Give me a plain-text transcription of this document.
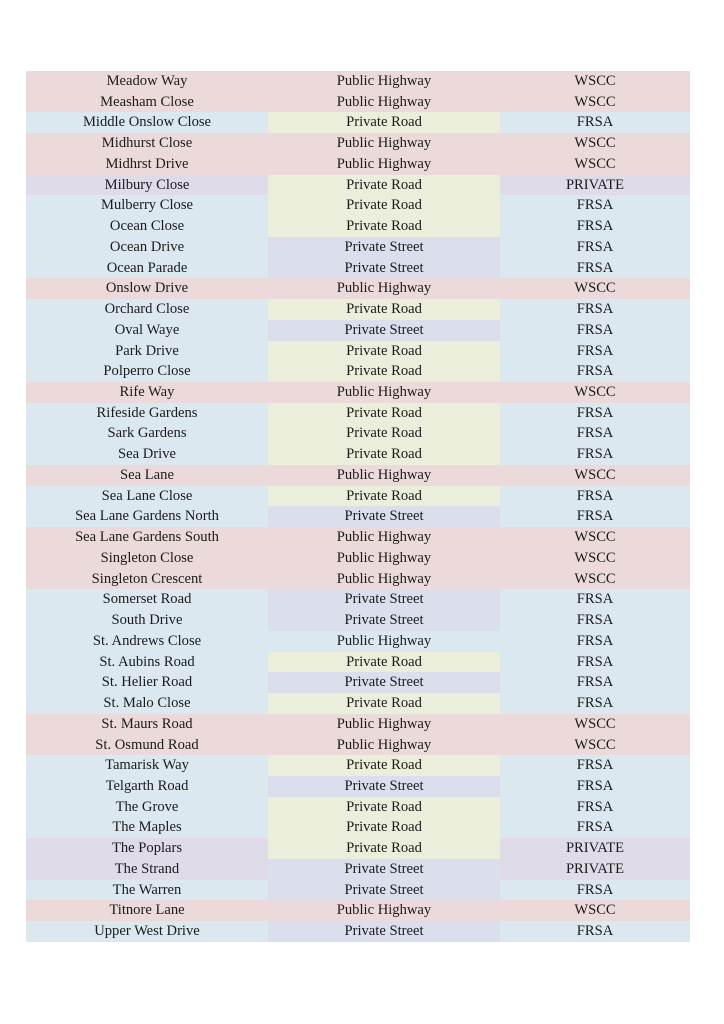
Meadow Way	Public Highway	WSCC
Measham Close	Public Highway	WSCC
Middle Onslow Close	Private Road	FRSA
Midhurst Close	Public Highway	WSCC
Midhrst Drive	Public Highway	WSCC
Milbury Close	Private Road	PRIVATE
Mulberry Close	Private Road	FRSA
Ocean Close	Private Road	FRSA
Ocean Drive	Private Street	FRSA
Ocean Parade	Private Street	FRSA
Onslow Drive	Public Highway	WSCC
Orchard Close	Private Road	FRSA
Oval Waye	Private Street	FRSA
Park Drive	Private Road	FRSA
Polperro Close	Private Road	FRSA
Rife Way	Public Highway	WSCC
Rifeside Gardens	Private Road	FRSA
Sark Gardens	Private Road	FRSA
Sea Drive	Private Road	FRSA
Sea Lane	Public Highway	WSCC
Sea Lane Close	Private Road	FRSA
Sea Lane Gardens North	Private Street	FRSA
Sea Lane Gardens South	Public Highway	WSCC
Singleton Close	Public Highway	WSCC
Singleton Crescent	Public Highway	WSCC
Somerset Road	Private Street	FRSA
South Drive	Private Street	FRSA
St. Andrews Close	Public Highway	FRSA
St. Aubins Road	Private Road	FRSA
St. Helier Road	Private Street	FRSA
St. Malo Close	Private Road	FRSA
St. Maurs Road	Public Highway	WSCC
St. Osmund Road	Public Highway	WSCC
Tamarisk Way	Private Road	FRSA
Telgarth Road	Private Street	FRSA
The Grove	Private Road	FRSA
The Maples	Private Road	FRSA
The Poplars	Private Road	PRIVATE
The Strand	Private Street	PRIVATE
The Warren	Private Street	FRSA
Titnore Lane	Public Highway	WSCC
Upper West Drive	Private Street	FRSA
